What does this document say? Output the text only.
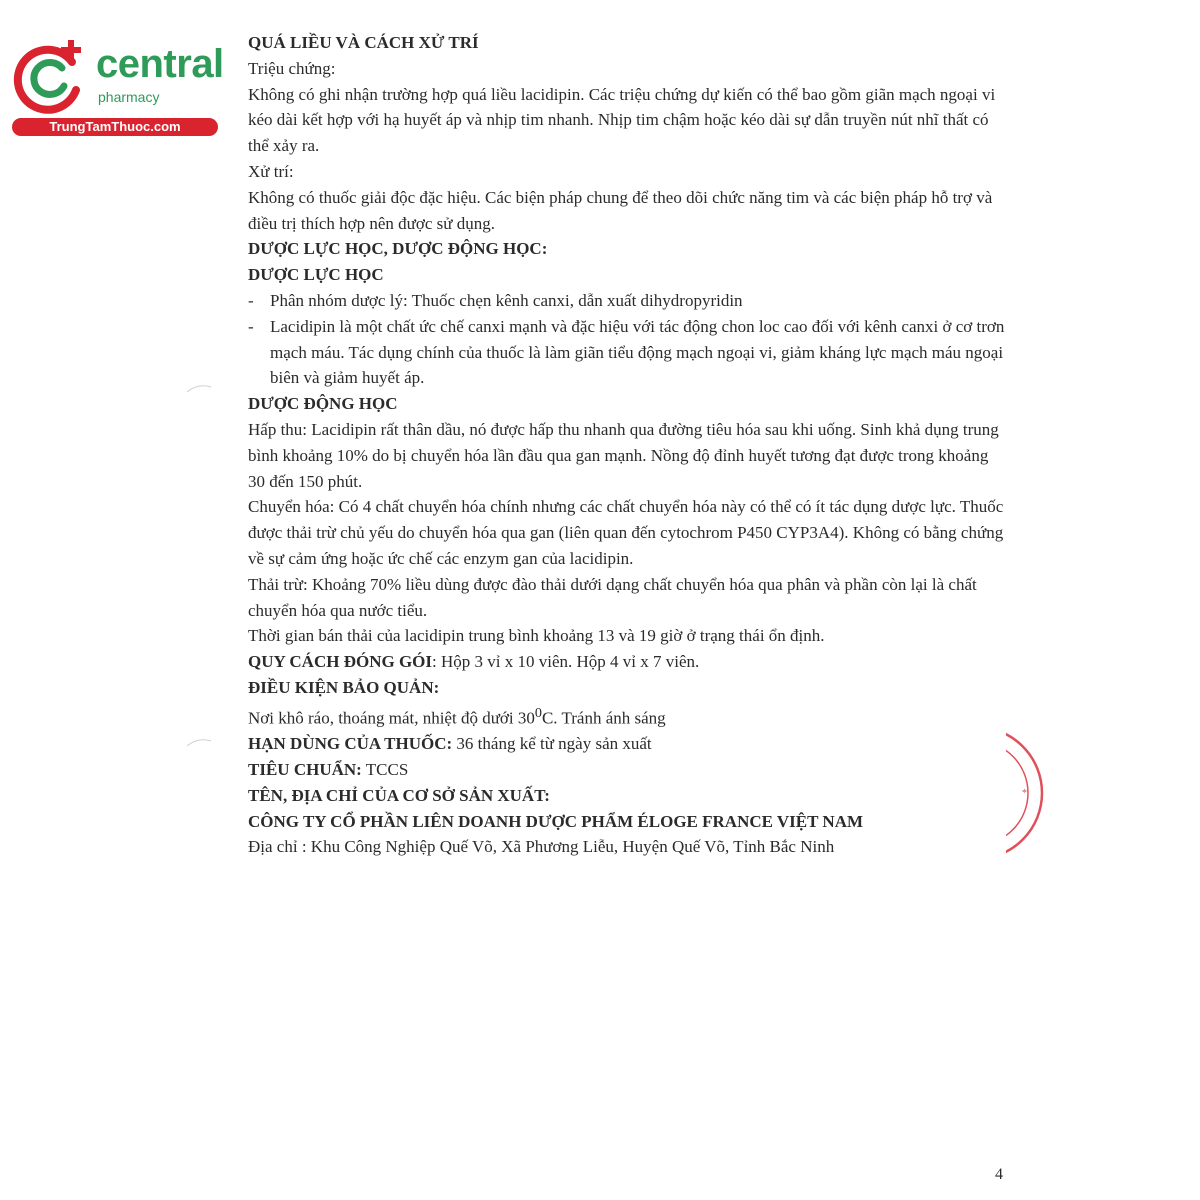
central
pharmacy
TrungTamThuoc.com

QUÁ LIỀU VÀ CÁCH XỬ TRÍ

Triệu chứng:

Không có ghi nhận trường hợp quá liều lacidipin. Các triệu chứng dự kiến có thể bao gồm giãn mạch ngoại vi kéo dài kết hợp với hạ huyết áp và nhịp tim nhanh. Nhịp tim chậm hoặc kéo dài sự dẫn truyền nút nhĩ thất có thể xảy ra.

Xử trí:

Không có thuốc giải độc đặc hiệu. Các biện pháp chung để theo dõi chức năng tim và các biện pháp hỗ trợ và điều trị thích hợp nên được sử dụng.

DƯỢC LỰC HỌC, DƯỢC ĐỘNG HỌC:

DƯỢC LỰC HỌC

- Phân nhóm dược lý: Thuốc chẹn kênh canxi, dẫn xuất dihydropyridin

- Lacidipin là một chất ức chế canxi mạnh và đặc hiệu với tác động chon loc cao đối với kênh canxi ở cơ trơn mạch máu. Tác dụng chính của thuốc là làm giãn tiểu động mạch ngoại vi, giảm kháng lực mạch máu ngoại biên và giảm huyết áp.

DƯỢC ĐỘNG HỌC

Hấp thu: Lacidipin rất thân dầu, nó được hấp thu nhanh qua đường tiêu hóa sau khi uống. Sinh khả dụng trung bình khoảng 10% do bị chuyển hóa lần đầu qua gan mạnh. Nồng độ đỉnh huyết tương đạt được trong khoảng 30 đến 150 phút.

Chuyển hóa: Có 4 chất chuyển hóa chính nhưng các chất chuyển hóa này có thể có ít tác dụng dược lực. Thuốc được thải trừ chủ yếu do chuyển hóa qua gan (liên quan đến cytochrom P450 CYP3A4). Không có bằng chứng về sự cảm ứng hoặc ức chế các enzym gan của lacidipin.

Thải trừ: Khoảng 70% liều dùng được đào thải dưới dạng chất chuyển hóa qua phân và phần còn lại là chất chuyển hóa qua nước tiểu.

Thời gian bán thải của lacidipin trung bình khoảng 13 và 19 giờ ở trạng thái ổn định.

QUY CÁCH ĐÓNG GÓI: Hộp 3 vỉ x 10 viên. Hộp 4 vỉ x 7 viên.

ĐIỀU KIỆN BẢO QUẢN:

Nơi khô ráo, thoáng mát, nhiệt độ dưới $30^0C$. Tránh ánh sáng

HẠN DÙNG CỦA THUỐC: 36 tháng kể từ ngày sản xuất

TIÊU CHUẨN: TCCS

TÊN, ĐỊA CHỈ CỦA CƠ SỞ SẢN XUẤT:

CÔNG TY CỔ PHẦN LIÊN DOANH DƯỢC PHẨM ÉLOGE FRANCE VIỆT NAM

Địa chỉ : Khu Công Nghiệp Quế Võ, Xã Phương Liễu, Huyện Quế Võ, Tỉnh Bắc Ninh

*
4
